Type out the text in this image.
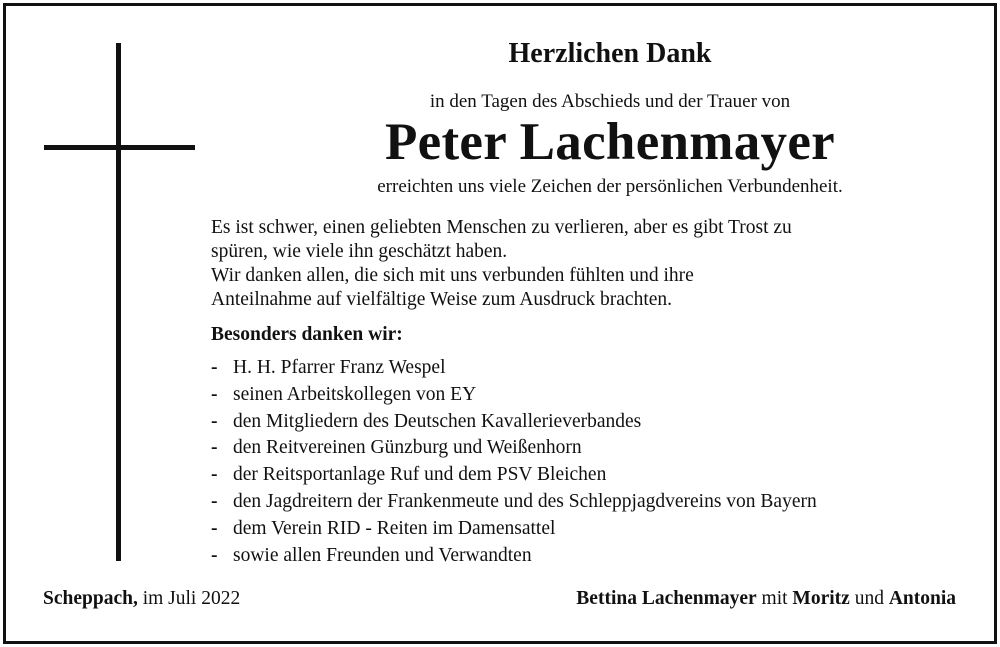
Herzlichen Dank
in den Tagen des Abschieds und der Trauer von
Peter Lachenmayer
erreichten uns viele Zeichen der persönlichen Verbundenheit.

Es ist schwer, einen geliebten Menschen zu verlieren, aber es gibt Trost zu

spüren, wie viele ihn geschätzt haben.

Wir danken allen, die sich mit uns verbunden fühlten und ihre

Anteilnahme auf vielfältige Weise zum Ausdruck brachten.

Besonders danken wir:
- H. H. Pfarrer Franz Wespel
- seinen Arbeitskollegen von EY
- den Mitgliedern des Deutschen Kavallerieverbandes
- den Reitvereinen Günzburg und Weißenhorn
- der Reitsportanlage Ruf und dem PSV Bleichen
- den Jagdreitern der Frankenmeute und des Schleppjagdvereins von Bayern
- dem Verein RID - Reiten im Damensattel
- sowie allen Freunden und Verwandten
Scheppach, im Juli 2022	Bettina Lachenmayer mit Moritz und Antonia
